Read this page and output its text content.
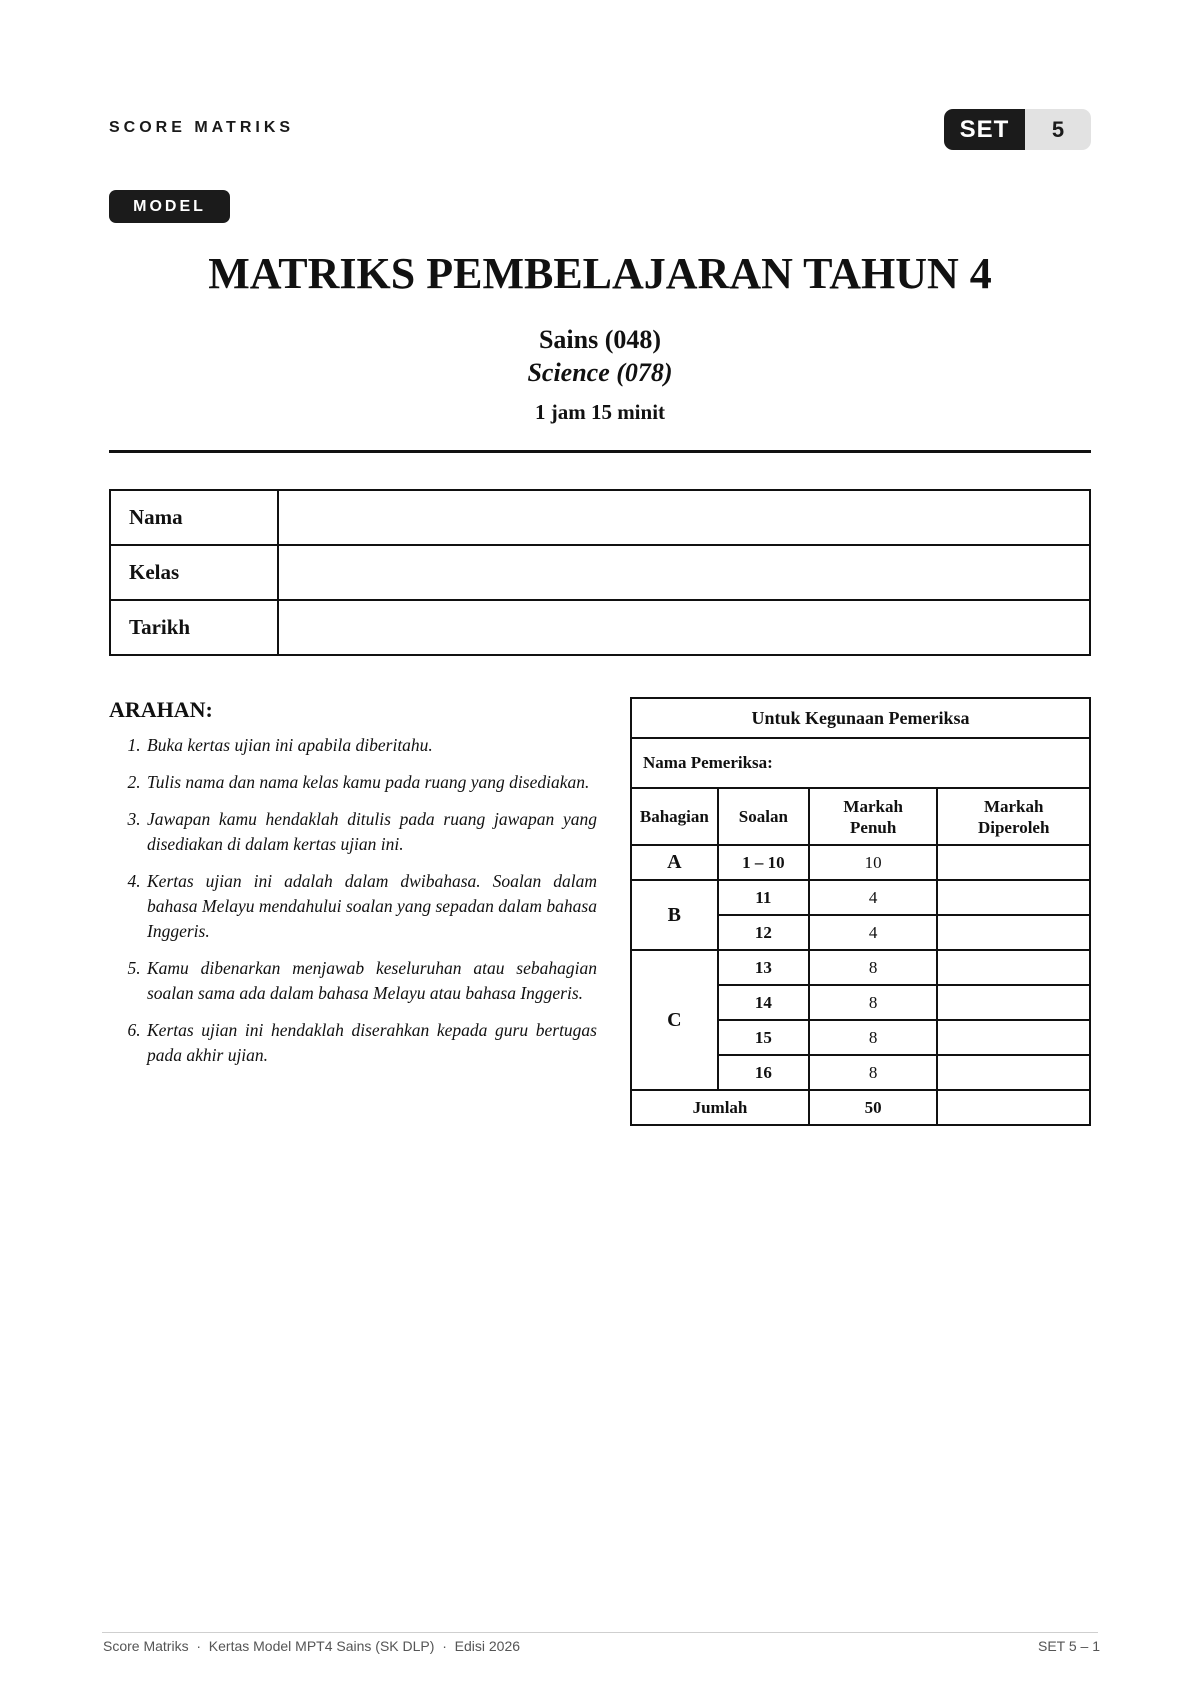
SCORE MATRIKS	SET	5
MODEL
MATRIKS PEMBELAJARAN TAHUN 4
Sains (048)
Science (078)
1 jam 15 minit
Nama	
Kelas	
Tarikh	
ARAHAN:
1. Buka kertas ujian ini apabila diberitahu.
2. Tulis nama dan nama kelas kamu pada ruang yang disediakan.
3. Jawapan kamu hendaklah ditulis pada ruang jawapan yang disediakan di dalam kertas ujian ini.
4. Kertas ujian ini adalah dalam dwibahasa. Soalan dalam bahasa Melayu mendahului soalan yang sepadan dalam bahasa Inggeris.
5. Kamu dibenarkan menjawab keseluruhan atau sebahagian soalan sama ada dalam bahasa Melayu atau bahasa Inggeris.
6. Kertas ujian ini hendaklah diserahkan kepada guru bertugas pada akhir ujian.
Untuk Kegunaan Pemeriksa			
Nama Pemeriksa:			
Bahagian	Soalan	Markah Penuh	Markah Diperoleh
A	1 – 10	10	
B	11	4	
	12	4	
C	13	8	
	14	8	
	15	8	
	16	8	
Jumlah		50	
Score Matriks  ·  Kertas Model MPT4 Sains (SK DLP)  ·  Edisi 2026	SET 5 – 1
